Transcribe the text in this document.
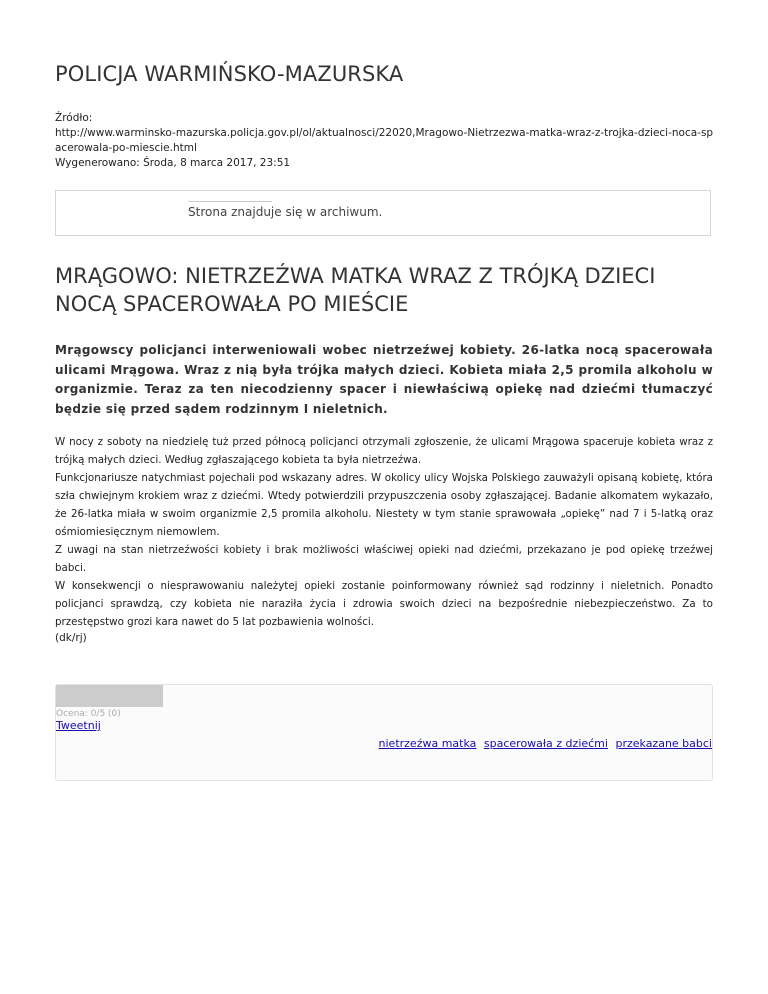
POLICJA WARMIŃSKO-MAZURSKA
Źródło:
http://www.warminsko-mazurska.policja.gov.pl/ol/aktualnosci/22020,Mragowo-Nietrzezwa-matka-wraz-z-trojka-dzieci-noca-spacerowala-po-miescie.html
Wygenerowano: Środa, 8 marca 2017, 23:51
Strona znajduje się w archiwum.
MRĄGOWO: NIETRZEŹWA MATKA WRAZ Z TRÓJKĄ DZIECI NOCĄ SPACEROWAŁA PO MIEŚCIE

Mrągowscy policjanci interweniowali wobec nietrzeźwej kobiety. 26-latka nocą spacerowała ulicami Mrągowa. Wraz z nią była trójka małych dzieci. Kobieta miała 2,5 promila alkoholu w organizmie. Teraz za ten niecodzienny spacer i niewłaściwą opiekę nad dziećmi tłumaczyć będzie się przed sądem rodzinnym I nieletnich.

W nocy z soboty na niedzielę tuż przed północą policjanci otrzymali zgłoszenie, że ulicami Mrągowa spaceruje kobieta wraz z trójką małych dzieci. Według zgłaszającego kobieta ta była nietrzeźwa.

Funkcjonariusze natychmiast pojechali pod wskazany adres. W okolicy ulicy Wojska Polskiego zauważyli opisaną kobietę, która szła chwiejnym krokiem wraz z dziećmi. Wtedy potwierdzili przypuszczenia osoby zgłaszającej. Badanie alkomatem wykazało, że 26-latka miała w swoim organizmie 2,5 promila alkoholu. Niestety w tym stanie sprawowała „opiekę” nad 7 i 5-latką oraz ośmiomiesięcznym niemowlem.

Z uwagi na stan nietrzeźwości kobiety i brak możliwości właściwej opieki nad dziećmi, przekazano je pod opiekę trzeźwej babci.

W konsekwencji o niesprawowaniu należytej opieki zostanie poinformowany również sąd rodzinny i nieletnich. Ponadto policjanci sprawdzą, czy kobieta nie naraziła życia i zdrowia swoich dzieci na bezpośrednie niebezpieczeństwo. Za to przestępstwo grozi kara nawet do 5 lat pozbawienia wolności.

(dk/rj)
Ocena: 0/5 (0)
Tweetnij
nietrzeźwa matka spacerowała z dziećmi przekazane babci
